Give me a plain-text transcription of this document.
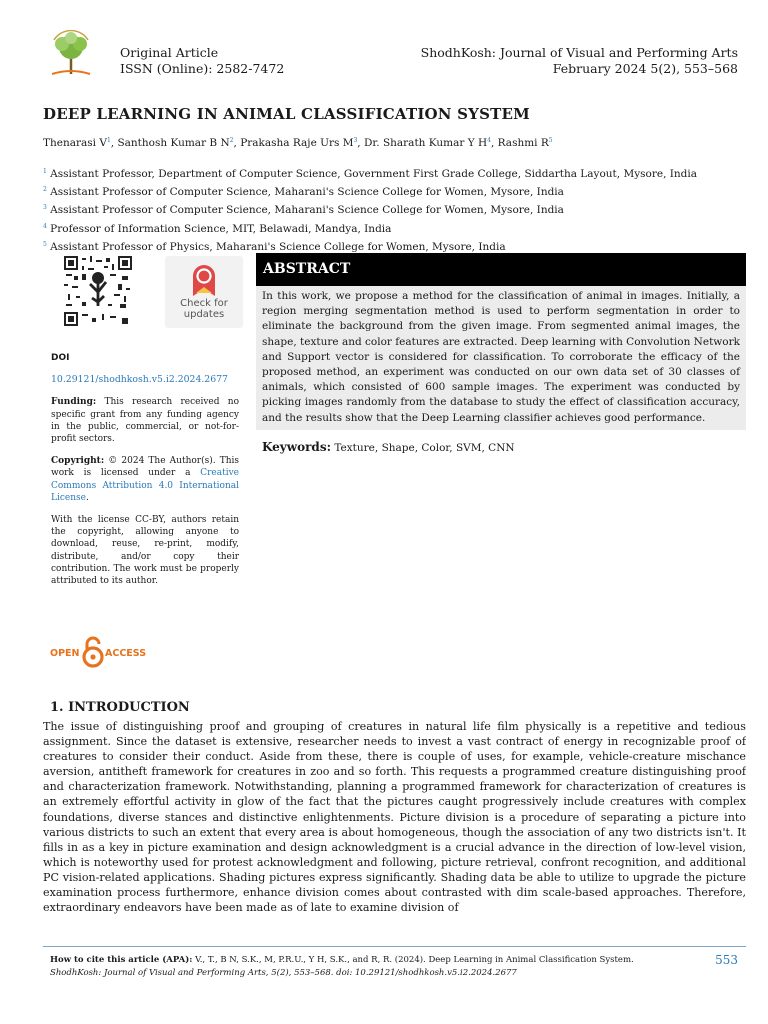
Original Article
ISSN (Online): 2582-7472
ShodhKosh: Journal of Visual and Performing Arts
February 2024 5(2), 553–568
DEEP LEARNING IN ANIMAL CLASSIFICATION SYSTEM
Thenarasi $V^1$, Santhosh Kumar B $N^2$, Prakasha Raje Urs $M^3$, Dr. Sharath Kumar Y $H^4$, Rashmi $R^5$
$^1$ Assistant Professor, Department of Computer Science, Government First Grade College, Siddartha Layout, Mysore, India
$^2$ Assistant Professor of Computer Science, Maharani's Science College for Women, Mysore, India
$^3$ Assistant Professor of Computer Science, Maharani's Science College for Women, Mysore, India
$^4$ Professor of Information Science, MIT, Belawadi, Mandya, India
$^5$ Assistant Professor of Physics, Maharani's Science College for Women, Mysore, India
Check for
updates

DOI

10.29121/shodhkosh.v5.i2.2024.2677

Funding: This research received no specific grant from any funding agency in the public, commercial, or not-for-profit sectors.

Copyright: © 2024 The Author(s). This work is licensed under a Creative Commons Attribution 4.0 International License.

With the license CC-BY, authors retain the copyright, allowing anyone to download, reuse, re-print, modify, distribute, and/or copy their contribution. The work must be properly attributed to its author.

OPEN	ACCESS
ABSTRACT
In this work, we propose a method for the classification of animal in images. Initially, a region merging segmentation method is used to perform segmentation in order to eliminate the background from the given image. From segmented animal images, the shape, texture and color features are extracted. Deep learning with Convolution Network and Support vector is considered for classification. To corroborate the efficacy of the proposed method, an experiment was conducted on our own data set of 30 classes of animals, which consisted of 600 sample images. The experiment was conducted by picking images randomly from the database to study the effect of classification accuracy, and the results show that the Deep Learning classifier achieves good performance.
Keywords: Texture, Shape, Color, SVM, CNN
1. INTRODUCTION
The issue of distinguishing proof and grouping of creatures in natural life film physically is a repetitive and tedious assignment. Since the dataset is extensive, researcher needs to invest a vast contract of energy in recognizable proof of creatures to consider their conduct. Aside from these, there is couple of uses, for example, vehicle-creature mischance aversion, antitheft framework for creatures in zoo and so forth. This requests a programmed creature distinguishing proof and characterization framework. Notwithstanding, planning a programmed framework for characterization of creatures is an extremely effortful activity in glow of the fact that the pictures caught progressively include creatures with complex foundations, diverse stances and distinctive enlightenments. Picture division is a procedure of separating a picture into various districts to such an extent that every area is about homogeneous, though the association of any two districts isn't. It fills in as a key in picture examination and design acknowledgment is a crucial advance in the direction of low-level vision, which is noteworthy used for protest acknowledgment and following, picture retrieval, confront recognition, and additional PC vision-related applications. Shading pictures express significantly. Shading data be able to utilize to upgrade the picture examination process furthermore, enhance division comes about contrasted with dim scale-based approaches. Therefore, extraordinary endeavors have been made as of late to examine division of
How to cite this article (APA): V., T., B N, S.K., M, P.R.U., Y H, S.K., and R, R. (2024). Deep Learning in Animal Classification System.
ShodhKosh: Journal of Visual and Performing Arts, 5(2), 553–568. doi: 10.29121/shodhkosh.v5.i2.2024.2677
553
